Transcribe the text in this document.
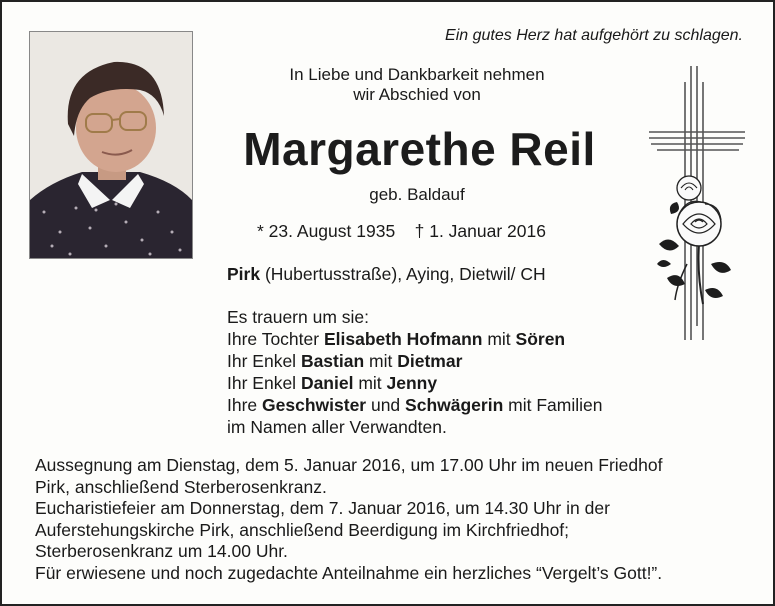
Ein gutes Herz hat aufgehört zu schlagen.
In Liebe und Dankbarkeit nehmen
wir Abschied von
Margarethe Reil
geb. Baldauf
* 23. August 1935 † 1. Januar 2016
Pirk (Hubertusstraße), Aying, Dietwil/ CH
Es trauern um sie:
Ihre Tochter Elisabeth Hofmann mit Sören
Ihr Enkel Bastian mit Dietmar
Ihr Enkel Daniel mit Jenny
Ihre Geschwister und Schwägerin mit Familien
im Namen aller Verwandten.
Aussegnung am Dienstag, dem 5. Januar 2016, um 17.00 Uhr im neuen Friedhof
Pirk, anschließend Sterberosenkranz.
Eucharistiefeier am Donnerstag, dem 7. Januar 2016, um 14.30 Uhr in der
Auferstehungskirche Pirk, anschließend Beerdigung im Kirchfriedhof;
Sterberosenkranz um 14.00 Uhr.
Für erwiesene und noch zugedachte Anteilnahme ein herzliches “Vergelt’s Gott!”.
